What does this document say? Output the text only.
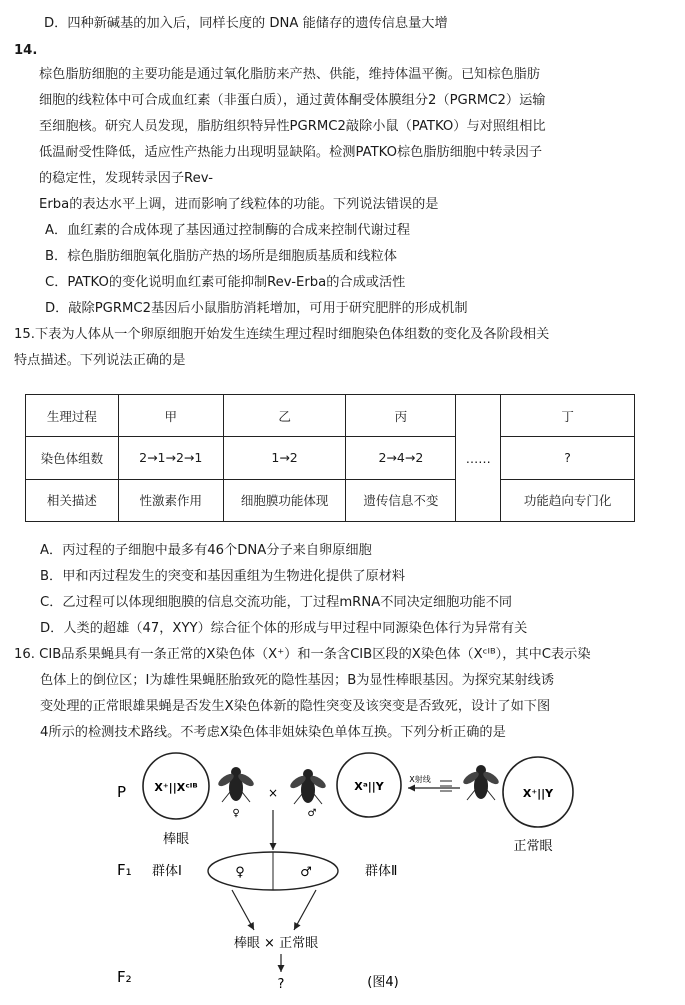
D．四种新碱基的加入后，同样长度的 DNA 能储存的遗传信息量大增
14.
棕色脂肪细胞的主要功能是通过氧化脂肪来产热、供能，维持体温平衡。已知棕色脂肪
细胞的线粒体中可合成血红素（非蛋白质），通过黄体酮受体膜组分2（PGRMC2）运输
至细胞核。研究人员发现，脂肪组织特异性PGRMC2敲除小鼠（PATKO）与对照组相比
低温耐受性降低，适应性产热能力出现明显缺陷。检测PATKO棕色脂肪细胞中转录因子
的稳定性，发现转录因子Rev-
Erba的表达水平上调，进而影响了线粒体的功能。下列说法错误的是
A．血红素的合成体现了基因通过控制酶的合成来控制代谢过程
B．棕色脂肪细胞氧化脂肪产热的场所是细胞质基质和线粒体
C．PATKO的变化说明血红素可能抑制Rev-Erba的合成或活性
D．敲除PGRMC2基因后小鼠脂肪消耗增加，可用于研究肥胖的形成机制
15.下表为人体从一个卵原细胞开始发生连续生理过程时细胞染色体组数的变化及各阶段相关
特点描述。下列说法正确的是
生理过程	甲	乙	丙	……	丁
染色体组数	2→1→2→1	1→2	2→4→2		?
相关描述	性激素作用	细胞膜功能体现	遗传信息不变		功能趋向专门化
A．丙过程的子细胞中最多有46个DNA分子来自卵原细胞
B．甲和丙过程发生的突变和基因重组为生物进化提供了原材料
C．乙过程可以体现细胞膜的信息交流功能，丁过程mRNA不同决定细胞功能不同
D．人类的超雄（47，XYY）综合征个体的形成与甲过程中同源染色体行为异常有关
16. CIB品系果蝇具有一条正常的X染色体（X⁺）和一条含CIB区段的X染色体（Xᶜᴵᴮ），其中C表示染
色体上的倒位区；I为雄性果蝇胚胎致死的隐性基因；B为显性棒眼基因。为探究某射线诱
变处理的正常眼雄果蝇是否发生X染色体新的隐性突变及该突变是否致死，设计了如下图
4所示的检测技术路线。不考虑X染色体非姐妹染色单体互换。下列分析正确的是
P
F₁
F₂
X⁺||Xᶜᴵᴮ
棒眼
♀
×
♂
Xᵃ||Y
X射线
X⁺||Y
正常眼
群体Ⅰ	♀	♂	群体Ⅱ
棒眼 × 正常眼
?	(图4)
